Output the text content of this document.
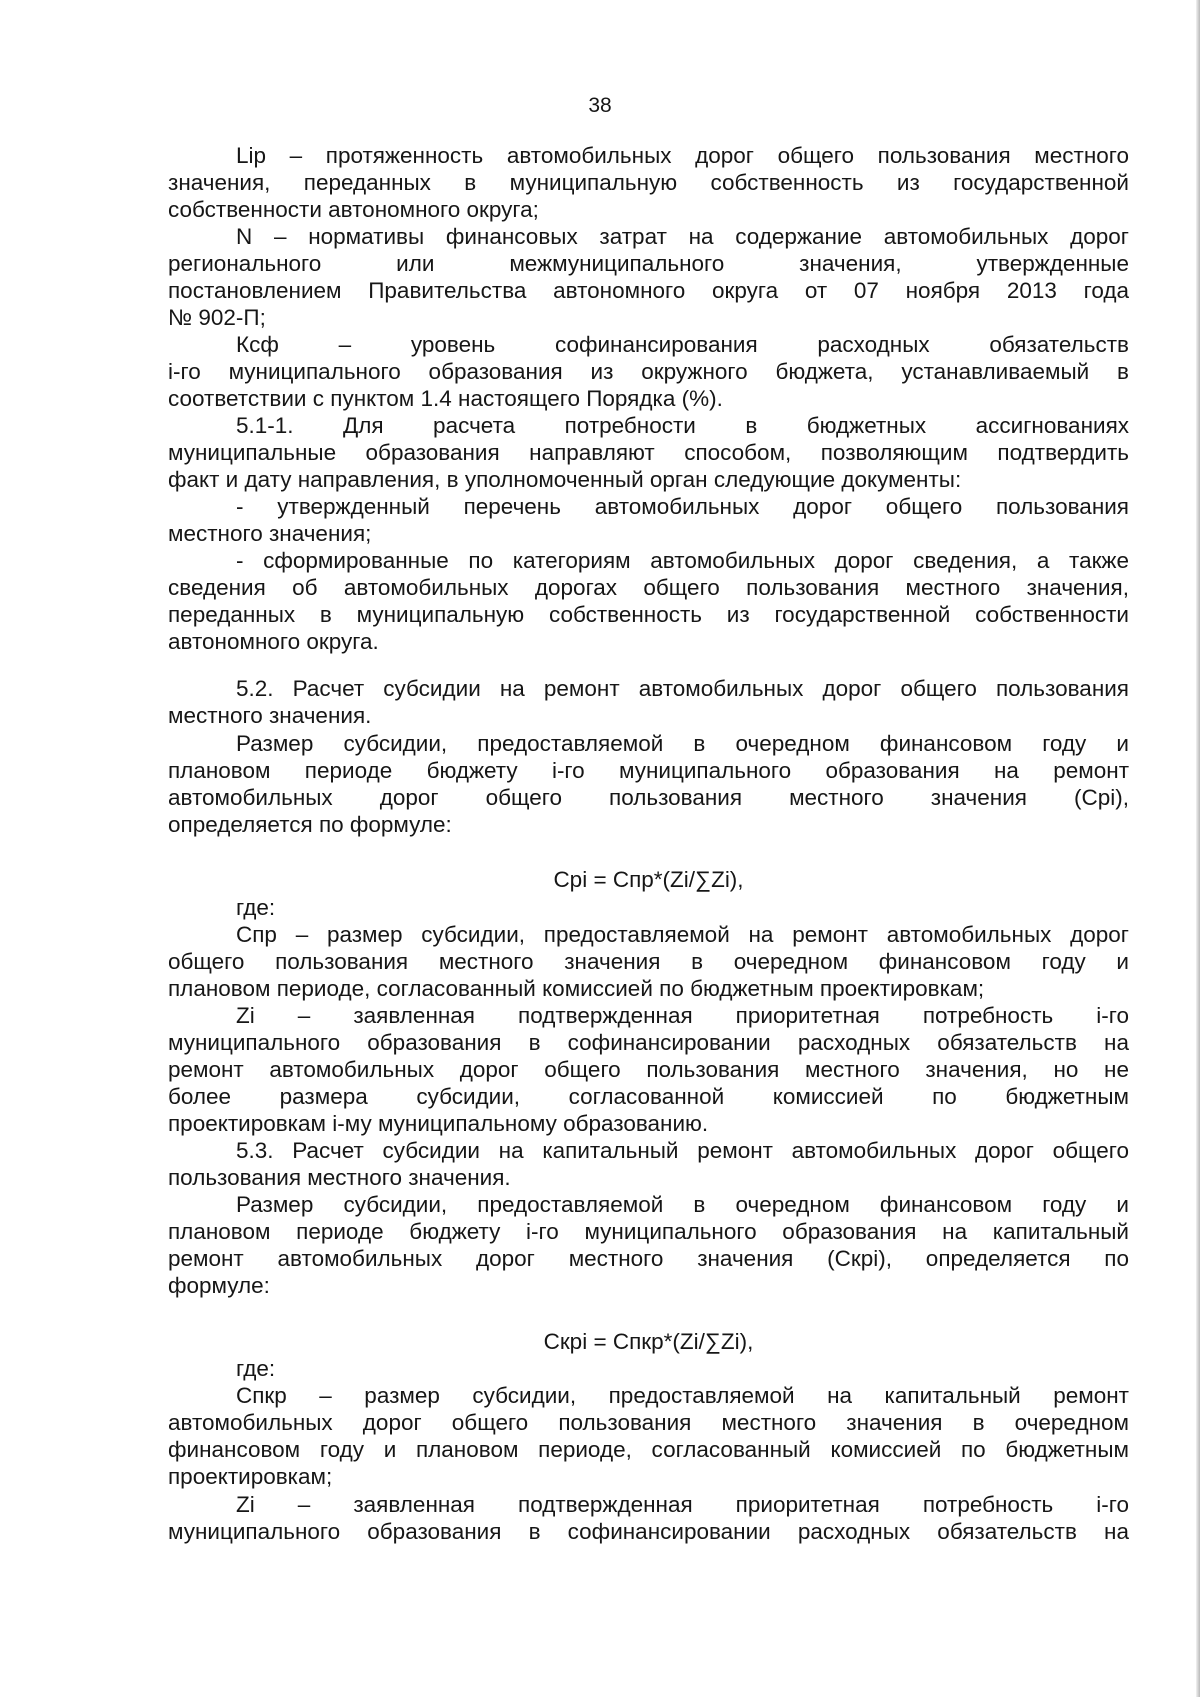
38
Lip – протяженность автомобильных дорог общего пользования местного
значения, переданных в муниципальную собственность из государственной
собственности автономного округа;
N – нормативы финансовых затрат на содержание автомобильных дорог
регионального или межмуниципального значения, утвержденные
постановлением Правительства автономного округа от 07 ноября 2013 года
№ 902-П;
Ксф – уровень софинансирования расходных обязательств
i-го муниципального образования из окружного бюджета, устанавливаемый в
соответствии с пунктом 1.4 настоящего Порядка (%).
5.1-1. Для расчета потребности в бюджетных ассигнованиях
муниципальные образования направляют способом, позволяющим подтвердить
факт и дату направления, в уполномоченный орган следующие документы:
- утвержденный перечень автомобильных дорог общего пользования
местного значения;
- сформированные по категориям автомобильных дорог сведения, а также
сведения об автомобильных дорогах общего пользования местного значения,
переданных в муниципальную собственность из государственной собственности
автономного округа.
5.2. Расчет субсидии на ремонт автомобильных дорог общего пользования
местного значения.
Размер субсидии, предоставляемой в очередном финансовом году и
плановом периоде бюджету i-го муниципального образования на ремонт
автомобильных дорог общего пользования местного значения (Cpi),
определяется по формуле:
Cpi = Спр*(Zi/∑Zi),
где:
Спр – размер субсидии, предоставляемой на ремонт автомобильных дорог
общего пользования местного значения в очередном финансовом году и
плановом периоде, согласованный комиссией по бюджетным проектировкам;
Zi – заявленная подтвержденная приоритетная потребность i-го
муниципального образования в софинансировании расходных обязательств на
ремонт автомобильных дорог общего пользования местного значения, но не
более размера субсидии, согласованной комиссией по бюджетным
проектировкам i-му муниципальному образованию.
5.3. Расчет субсидии на капитальный ремонт автомобильных дорог общего
пользования местного значения.
Размер субсидии, предоставляемой в очередном финансовом году и
плановом периоде бюджету i-го муниципального образования на капитальный
ремонт автомобильных дорог местного значения (Скрi), определяется по
формуле:
Скрi = Спкр*(Zi/∑Zi),
где:
Спкр – размер субсидии, предоставляемой на капитальный ремонт
автомобильных дорог общего пользования местного значения в очередном
финансовом году и плановом периоде, согласованный комиссией по бюджетным
проектировкам;
Zi – заявленная подтвержденная приоритетная потребность i-го
муниципального образования в софинансировании расходных обязательств на
